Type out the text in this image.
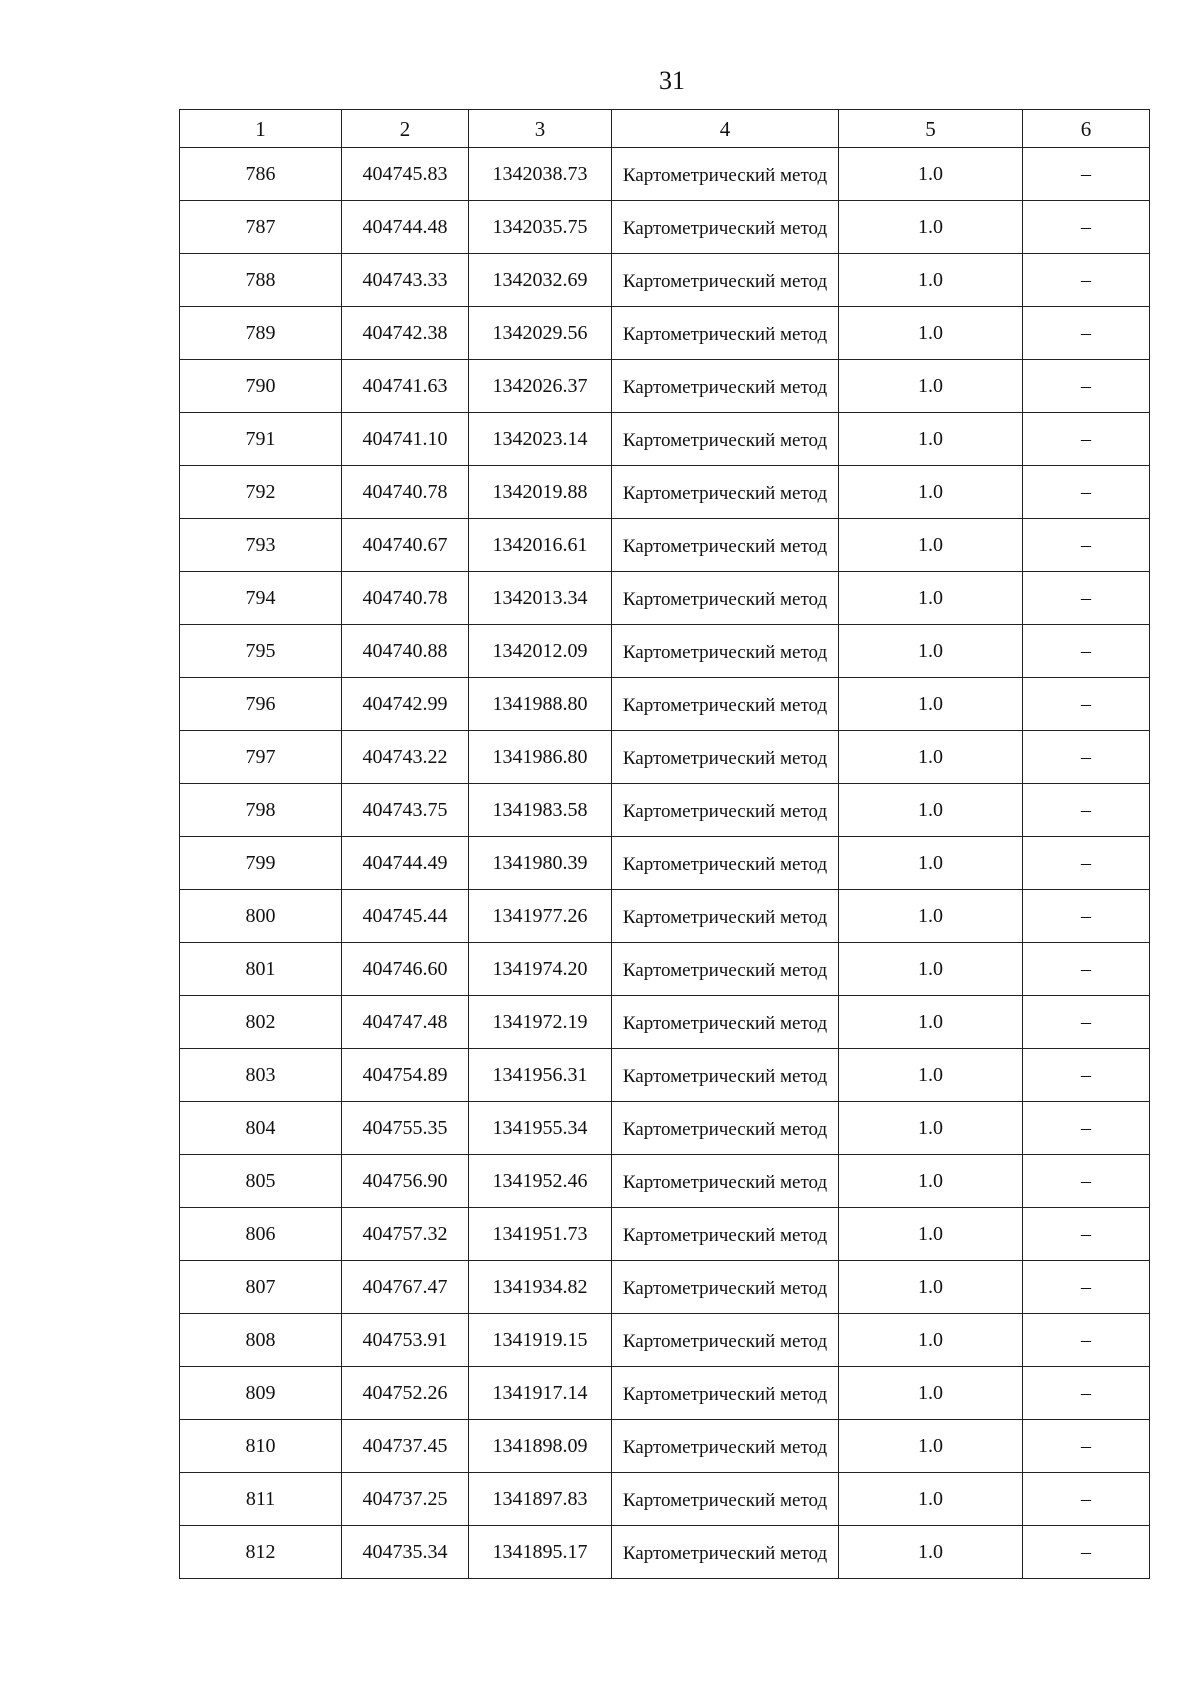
31
1	2	3	4	5	6
786	404745.83	1342038.73	Картометрический метод	1.0	–
787	404744.48	1342035.75	Картометрический метод	1.0	–
788	404743.33	1342032.69	Картометрический метод	1.0	–
789	404742.38	1342029.56	Картометрический метод	1.0	–
790	404741.63	1342026.37	Картометрический метод	1.0	–
791	404741.10	1342023.14	Картометрический метод	1.0	–
792	404740.78	1342019.88	Картометрический метод	1.0	–
793	404740.67	1342016.61	Картометрический метод	1.0	–
794	404740.78	1342013.34	Картометрический метод	1.0	–
795	404740.88	1342012.09	Картометрический метод	1.0	–
796	404742.99	1341988.80	Картометрический метод	1.0	–
797	404743.22	1341986.80	Картометрический метод	1.0	–
798	404743.75	1341983.58	Картометрический метод	1.0	–
799	404744.49	1341980.39	Картометрический метод	1.0	–
800	404745.44	1341977.26	Картометрический метод	1.0	–
801	404746.60	1341974.20	Картометрический метод	1.0	–
802	404747.48	1341972.19	Картометрический метод	1.0	–
803	404754.89	1341956.31	Картометрический метод	1.0	–
804	404755.35	1341955.34	Картометрический метод	1.0	–
805	404756.90	1341952.46	Картометрический метод	1.0	–
806	404757.32	1341951.73	Картометрический метод	1.0	–
807	404767.47	1341934.82	Картометрический метод	1.0	–
808	404753.91	1341919.15	Картометрический метод	1.0	–
809	404752.26	1341917.14	Картометрический метод	1.0	–
810	404737.45	1341898.09	Картометрический метод	1.0	–
811	404737.25	1341897.83	Картометрический метод	1.0	–
812	404735.34	1341895.17	Картометрический метод	1.0	–
